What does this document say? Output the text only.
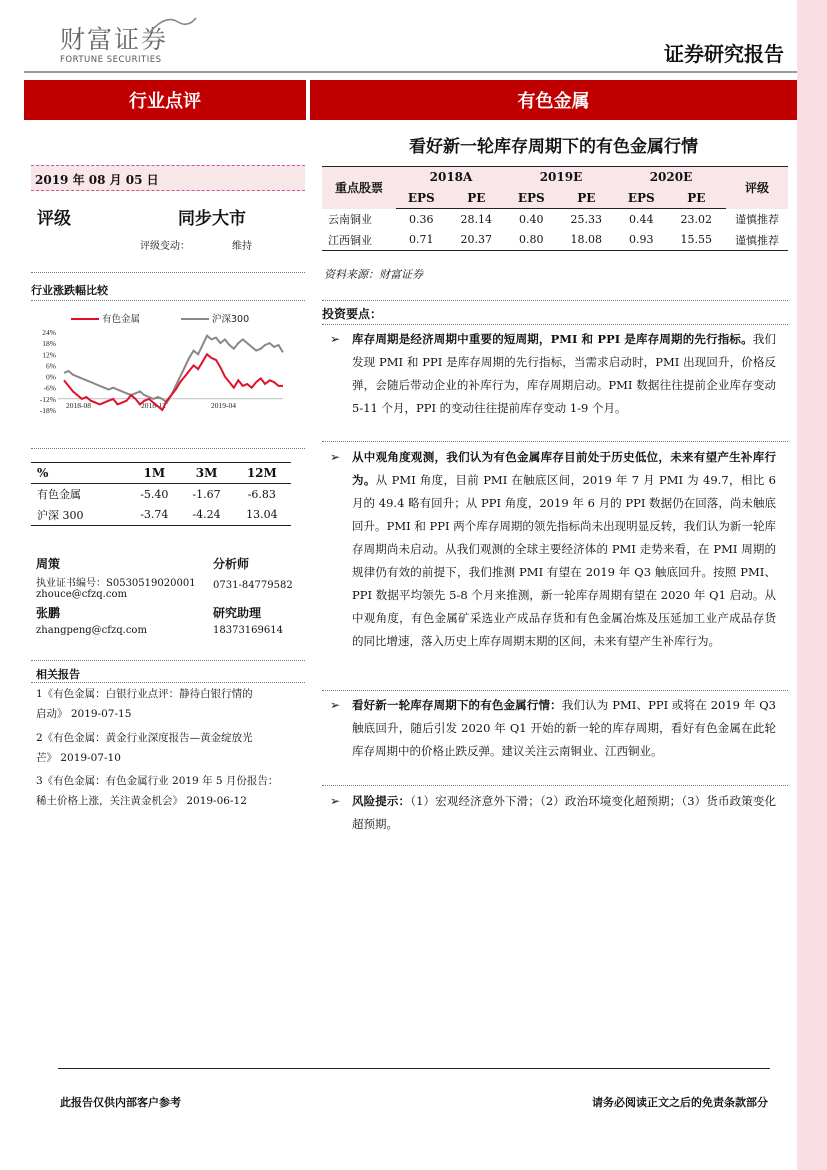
财富证券
FORTUNE SECURITIES	证券研究报告
行业点评	有色金属
看好新一轮库存周期下的有色金属行情
2019 年 08 月 05 日
评级	同步大市
评级变动：	维持
行业涨跌幅比较
24%
18%
12%
6%
0%
-6%
-12%
-18%
2018-08	2018-12	2019-04
有色金属	沪深300
%	1M	3M	12M
有色金属	-5.40	-1.67	-6.83
沪深 300	-3.74	-4.24	13.04
周策	分析师
执业证书编号：S0530519020001 0731-84779582
zhouce@cfzq.com
张鹏	研究助理
zhangpeng@cfzq.com	18373169614
相关报告
1《有色金属：白银行业点评：静待白银行情的
启动》 2019-07-15
2《有色金属：黄金行业深度报告—黄金绽放光
芒》 2019-07-10
3《有色金属：有色金属行业 2019 年 5 月份报告：
稀土价格上涨，关注黄金机会》 2019-06-12
重点股票	2018A		2019E		2020E		评级
	EPS	PE	EPS	PE	EPS	PE	
云南铜业	0.36	28.14	0.40	25.33	0.44	23.02	谨慎推荐
江西铜业	0.71	20.37	0.80	18.08	0.93	15.55	谨慎推荐
资料来源：财富证券
投资要点：
➢	库存周期是经济周期中重要的短周期，PMI 和 PPI 是库存周期的先行指标。我们发现 PMI 和 PPI 是库存周期的先行指标，当需求启动时，PMI 出现回升，价格反弹，会随后带动企业的补库行为，库存周期启动。PMI 数据往往提前企业库存变动 5-11 个月，PPI 的变动往往提前库存变动 1-9 个月。
➢	从中观角度观测，我们认为有色金属库存目前处于历史低位，未来有望产生补库行为。从 PMI 角度，目前 PMI 在触底区间，2019 年 7 月 PMI 为 49.7，相比 6 月的 49.4 略有回升；从 PPI 角度，2019 年 6 月的 PPI 数据仍在回落，尚未触底回升。PMI 和 PPI 两个库存周期的领先指标尚未出现明显反转，我们认为新一轮库存周期尚未启动。从我们观测的全球主要经济体的 PMI 走势来看，在 PMI 周期的规律仍有效的前提下，我们推测 PMI 有望在 2019 年 Q3 触底回升。按照 PMI、PPI 数据平均领先 5-8 个月来推测，新一轮库存周期有望在 2020 年 Q1 启动。从中观角度，有色金属矿采选业产成品存货和有色金属冶炼及压延加工业产成品存货的同比增速，落入历史上库存周期末期的区间，未来有望产生补库行为。
➢	看好新一轮库存周期下的有色金属行情：我们认为 PMI、PPI 或将在 2019 年 Q3 触底回升，随后引发 2020 年 Q1 开始的新一轮的库存周期，看好有色金属在此轮库存周期中的价格止跌反弹。建议关注云南铜业、江西铜业。
➢	风险提示：（1）宏观经济意外下滑；（2）政治环境变化超预期；（3）货币政策变化超预期。
此报告仅供内部客户参考	请务必阅读正文之后的免责条款部分
